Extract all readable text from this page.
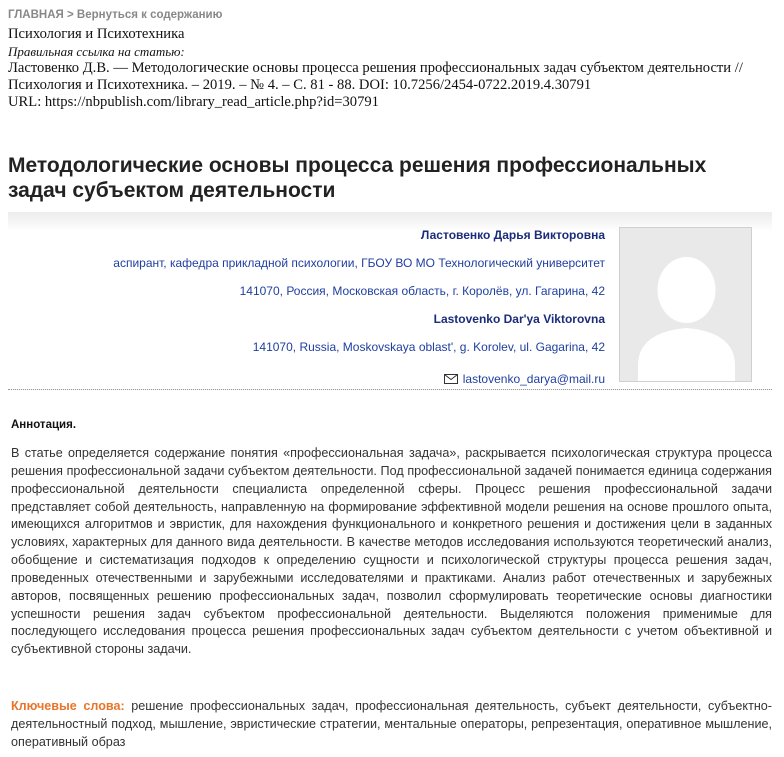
ГЛАВНАЯ > Вернуться к содержанию
Психология и Психотехника
Правильная ссылка на статью:
Ластовенко Д.В. — Методологические основы процесса решения профессиональных задач субъектом деятельности // Психология и Психотехника. – 2019. – № 4. – С. 81 - 88. DOI: 10.7256/2454-0722.2019.4.30791
URL: https://nbpublish.com/library_read_article.php?id=30791
Методологические основы процесса решения профессиональных задач субъектом деятельности
Ластовенко Дарья Викторовна
аспирант, кафедра прикладной психологии, ГБОУ ВО МО Технологический университет
141070, Россия, Московская область, г. Королёв, ул. Гагарина, 42
Lastovenko Dar'ya Viktorovna
141070, Russia, Moskovskaya oblast', g. Korolev, ul. Gagarina, 42
lastovenko_darya@mail.ru
Аннотация.

В статье определяется содержание понятия «профессиональная задача», раскрывается психологическая структура процесса решения профессиональной задачи субъектом деятельности. Под профессиональной задачей понимается единица содержания профессиональной деятельности специалиста определенной сферы. Процесс решения профессиональной задачи представляет собой деятельность, направленную на формирование эффективной модели решения на основе прошлого опыта, имеющихся алгоритмов и эвристик, для нахождения функционального и конкретного решения и достижения цели в заданных условиях, характерных для данного вида деятельности. В качестве методов исследования используются теоретический анализ, обобщение и систематизация подходов к определению сущности и психологической структуры процесса решения задач, проведенных отечественными и зарубежными исследователями и практиками. Анализ работ отечественных и зарубежных авторов, посвященных решению профессиональных задач, позволил сформулировать теоретические основы диагностики успешности решения задач субъектом профессиональной деятельности. Выделяются положения применимые для последующего исследования процесса решения профессиональных задач субъектом деятельности с учетом объективной и субъективной стороны задачи.

Ключевые слова: решение профессиональных задач, профессиональная деятельность, субъект деятельности, субъектно-деятельностный подход, мышление, эвристические стратегии, ментальные операторы, репрезентация, оперативное мышление, оперативный образ
